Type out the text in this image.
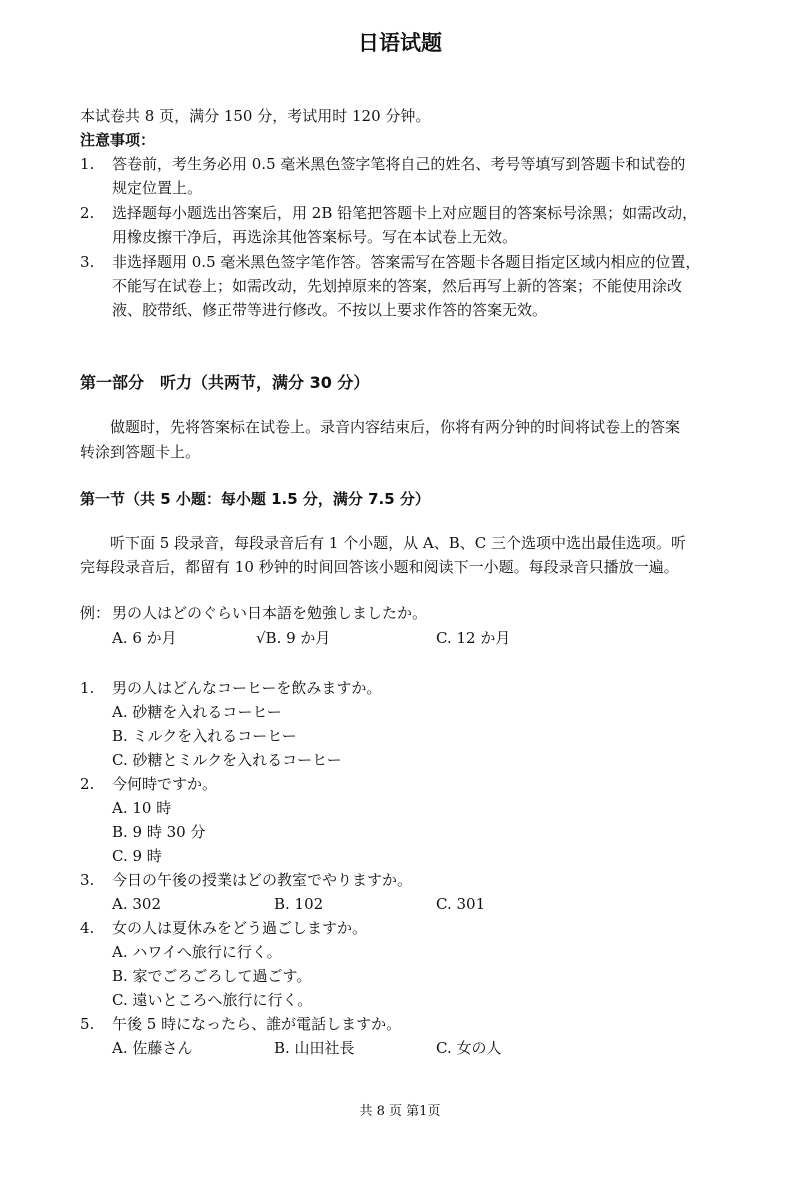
日语试题
本试卷共 8 页，满分 150 分，考试用时 120 分钟。
注意事项：
1.	答卷前，考生务必用 0.5 毫米黑色签字笔将自己的姓名、考号等填写到答题卡和试卷的
规定位置上。
2.	选择题每小题选出答案后，用 2B 铅笔把答题卡上对应题目的答案标号涂黑；如需改动，
用橡皮擦干净后，再选涂其他答案标号。写在本试卷上无效。
3.	非选择题用 0.5 毫米黑色签字笔作答。答案需写在答题卡各题目指定区域内相应的位置，
不能写在试卷上；如需改动，先划掉原来的答案，然后再写上新的答案；不能使用涂改
液、胶带纸、修正带等进行修改。不按以上要求作答的答案无效。
第一部分　听力（共两节，满分 30 分）
做题时，先将答案标在试卷上。录音内容结束后，你将有两分钟的时间将试卷上的答案
转涂到答题卡上。
第一节（共 5 小题：每小题 1.5 分，满分 7.5 分）
听下面 5 段录音，每段录音后有 1 个小题，从 A、B、C 三个选项中选出最佳选项。听
完每段录音后，都留有 10 秒钟的时间回答该小题和阅读下一小题。每段录音只播放一遍。
例： 男の人はどのぐらい日本語を勉強しましたか。
A. 6 か月	√B. 9 か月	C. 12 か月
1.	男の人はどんなコーヒーを飲みますか。
A. 砂糖を入れるコーヒー
B. ミルクを入れるコーヒー
C. 砂糖とミルクを入れるコーヒー
2.	今何時ですか。
A. 10 時
B. 9 時 30 分
C. 9 時
3.	今日の午後の授業はどの教室でやりますか。
A. 302	B. 102	C. 301
4.	女の人は夏休みをどう過ごしますか。
A. ハワイへ旅行に行く。
B. 家でごろごろして過ごす。
C. 遠いところへ旅行に行く。
5.	午後 5 時になったら、誰が電話しますか。
A. 佐藤さん	B. 山田社長	C. 女の人
共 8 页 第1页
